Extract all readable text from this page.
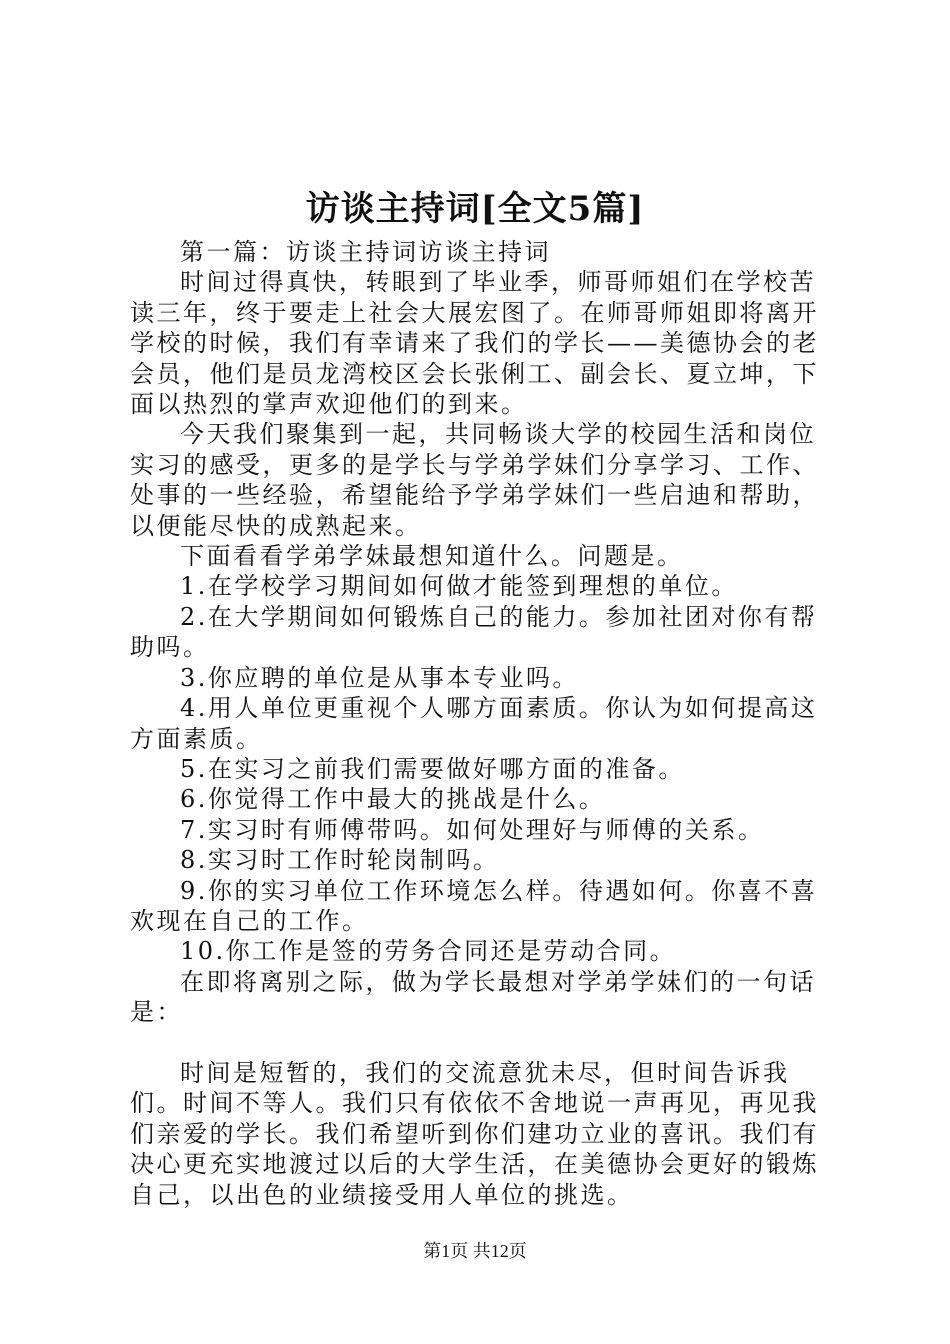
访谈主持词[全文5篇]

第一篇：访谈主持词访谈主持词

时间过得真快，转眼到了毕业季，师哥师姐们在学校苦读三年，终于要走上社会大展宏图了。在师哥师姐即将离开学校的时候，我们有幸请来了我们的学长——美德协会的老会员，他们是员龙湾校区会长张俐工、副会长、夏立坤，下面以热烈的掌声欢迎他们的到来。

今天我们聚集到一起，共同畅谈大学的校园生活和岗位实习的感受，更多的是学长与学弟学妹们分享学习、工作、处事的一些经验，希望能给予学弟学妹们一些启迪和帮助，以便能尽快的成熟起来。

下面看看学弟学妹最想知道什么。问题是。

1.在学校学习期间如何做才能签到理想的单位。

2.在大学期间如何锻炼自己的能力。参加社团对你有帮助吗。

3.你应聘的单位是从事本专业吗。

4.用人单位更重视个人哪方面素质。你认为如何提高这方面素质。

5.在实习之前我们需要做好哪方面的准备。

6.你觉得工作中最大的挑战是什么。

7.实习时有师傅带吗。如何处理好与师傅的关系。

8.实习时工作时轮岗制吗。

9.你的实习单位工作环境怎么样。待遇如何。你喜不喜欢现在自己的工作。

10.你工作是签的劳务合同还是劳动合同。

在即将离别之际，做为学长最想对学弟学妹们的一句话是：

时间是短暂的，我们的交流意犹未尽，但时间告诉我们。时间不等人。我们只有依依不舍地说一声再见，再见我们亲爱的学长。我们希望听到你们建功立业的喜讯。我们有决心更充实地渡过以后的大学生活，在美德协会更好的锻炼自己，以出色的业绩接受用人单位的挑选。

第1页 共12页
